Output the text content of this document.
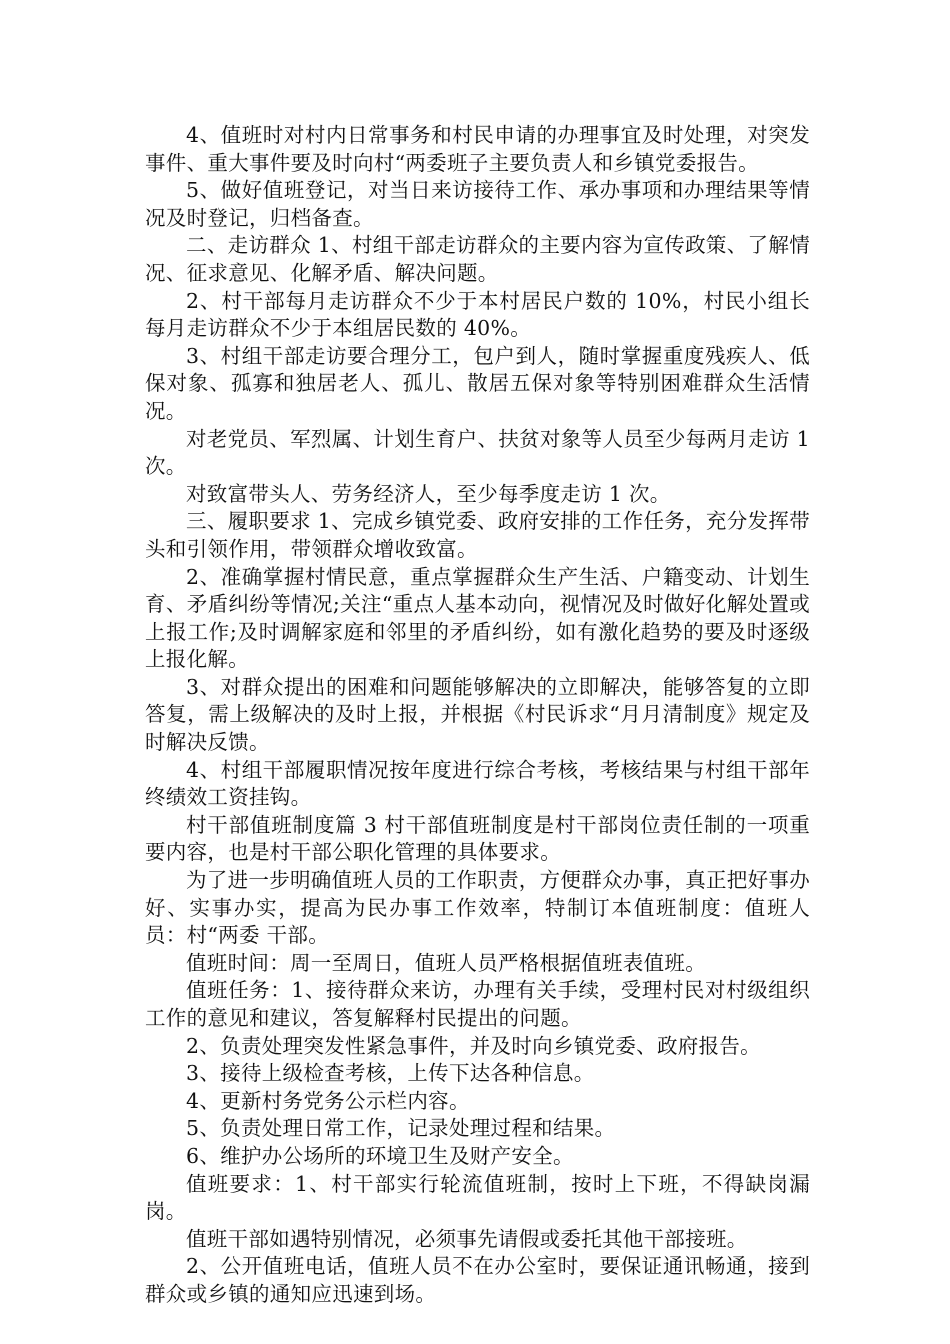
4、值班时对村内日常事务和村民申请的办理事宜及时处理，对突发事件、重大事件要及时向村“两委班子主要负责人和乡镇党委报告。

5、做好值班登记，对当日来访接待工作、承办事项和办理结果等情况及时登记，归档备查。

二、走访群众 1、村组干部走访群众的主要内容为宣传政策、了解情况、征求意见、化解矛盾、解决问题。

2、村干部每月走访群众不少于本村居民户数的 10%，村民小组长每月走访群众不少于本组居民数的 40%。

3、村组干部走访要合理分工，包户到人，随时掌握重度残疾人、低保对象、孤寡和独居老人、孤儿、散居五保对象等特别困难群众生活情况。

对老党员、军烈属、计划生育户、扶贫对象等人员至少每两月走访 1 次。

对致富带头人、劳务经济人，至少每季度走访 1 次。

三、履职要求 1、完成乡镇党委、政府安排的工作任务，充分发挥带头和引领作用，带领群众增收致富。

2、准确掌握村情民意，重点掌握群众生产生活、户籍变动、计划生育、矛盾纠纷等情况;关注“重点人基本动向，视情况及时做好化解处置或上报工作;及时调解家庭和邻里的矛盾纠纷，如有激化趋势的要及时逐级上报化解。

3、对群众提出的困难和问题能够解决的立即解决，能够答复的立即答复，需上级解决的及时上报，并根据《村民诉求“月月清制度》规定及时解决反馈。

4、村组干部履职情况按年度进行综合考核，考核结果与村组干部年终绩效工资挂钩。

村干部值班制度篇 3 村干部值班制度是村干部岗位责任制的一项重要内容，也是村干部公职化管理的具体要求。

为了进一步明确值班人员的工作职责，方便群众办事，真正把好事办好、实事办实，提高为民办事工作效率，特制订本值班制度：值班人员：村“两委 干部。

值班时间：周一至周日，值班人员严格根据值班表值班。

值班任务：1、接待群众来访，办理有关手续，受理村民对村级组织工作的意见和建议，答复解释村民提出的问题。

2、负责处理突发性紧急事件，并及时向乡镇党委、政府报告。

3、接待上级检查考核，上传下达各种信息。

4、更新村务党务公示栏内容。

5、负责处理日常工作，记录处理过程和结果。

6、维护办公场所的环境卫生及财产安全。

值班要求：1、村干部实行轮流值班制，按时上下班，不得缺岗漏岗。

值班干部如遇特别情况，必须事先请假或委托其他干部接班。

2、公开值班电话，值班人员不在办公室时，要保证通讯畅通，接到群众或乡镇的通知应迅速到场。
